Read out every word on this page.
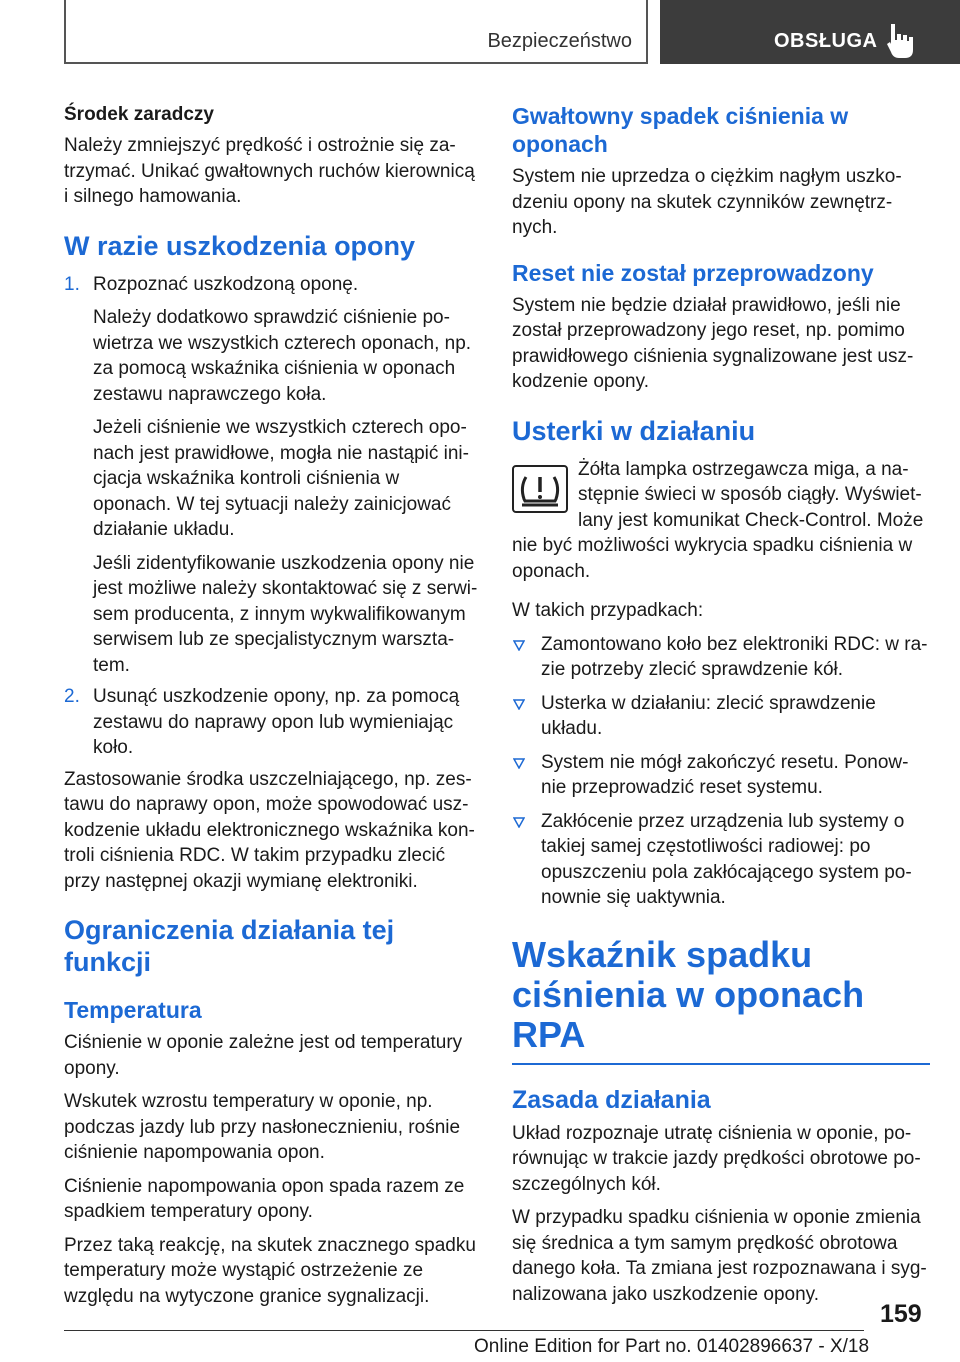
Bezpieczeństwo	OBSŁUGA
Środek zaradczy

Należy zmniejszyć prędkość i ostrożnie się za-trzymać. Unikać gwałtownych ruchów kierownicą i silnego hamowania.

W razie uszkodzenia opony
1. Rozpoznać uszkodzoną oponę.

Należy dodatkowo sprawdzić ciśnienie po-wietrza we wszystkich czterech oponach, np. za pomocą wskaźnika ciśnienia w oponach zestawu naprawczego koła.

Jeżeli ciśnienie we wszystkich czterech opo-nach jest prawidłowe, mogła nie nastąpić ini-cjacja wskaźnika kontroli ciśnienia w oponach. W tej sytuacji należy zainicjować działanie układu.

Jeśli zidentyfikowanie uszkodzenia opony nie jest możliwe należy skontaktować się z serwi-sem producenta, z innym wykwalifikowanym serwisem lub ze specjalistycznym warszta-tem.

2. Usunąć uszkodzenie opony, np. za pomocą zestawu do naprawy opon lub wymieniając koło.

Zastosowanie środka uszczelniającego, np. zes-tawu do naprawy opon, może spowodować usz-kodzenie układu elektronicznego wskaźnika kon-troli ciśnienia RDC. W takim przypadku zlecić przy następnej okazji wymianę elektroniki.

Ograniczenia działania tej funkcji
Temperatura

Ciśnienie w oponie zależne jest od temperatury opony.

Wskutek wzrostu temperatury w oponie, np. podczas jazdy lub przy nasłonecznieniu, rośnie ciśnienie napompowania opon.

Ciśnienie napompowania opon spada razem ze spadkiem temperatury opony.

Przez taką reakcję, na skutek znacznego spadku temperatury może wystąpić ostrzeżenie ze względu na wytyczone granice sygnalizacji.

Gwałtowny spadek ciśnienia w oponach

System nie uprzedza o ciężkim nagłym uszko-dzeniu opony na skutek czynników zewnętrz-nych.

Reset nie został przeprowadzony

System nie będzie działał prawidłowo, jeśli nie został przeprowadzony jego reset, np. pomimo prawidłowego ciśnienia sygnalizowane jest usz-kodzenie opony.

Usterki w działaniu

Żółta lampka ostrzegawcza miga, a na-stępnie świeci w sposób ciągły. Wyświet-lany jest komunikat Check-Control. Może nie być możliwości wykrycia spadku ciśnienia w oponach.

W takich przypadkach:

Zamontowano koło bez elektroniki RDC: w ra-zie potrzeby zlecić sprawdzenie kół.

Usterka w działaniu: zlecić sprawdzenie układu.

System nie mógł zakończyć resetu. Ponow-nie przeprowadzić reset systemu.

Zakłócenie przez urządzenia lub systemy o takiej samej częstotliwości radiowej: po opuszczeniu pola zakłócającego system po-nownie się uaktywnia.

Wskaźnik spadku ciśnienia w oponach RPA
Zasada działania

Układ rozpoznaje utratę ciśnienia w oponie, po-równując w trakcie jazdy prędkości obrotowe po-szczególnych kół.

W przypadku spadku ciśnienia w oponie zmienia się średnica a tym samym prędkość obrotowa danego koła. Ta zmiana jest rozpoznawana i syg-nalizowana jako uszkodzenie opony.

159
Online Edition for Part no. 01402896637 - X/18
